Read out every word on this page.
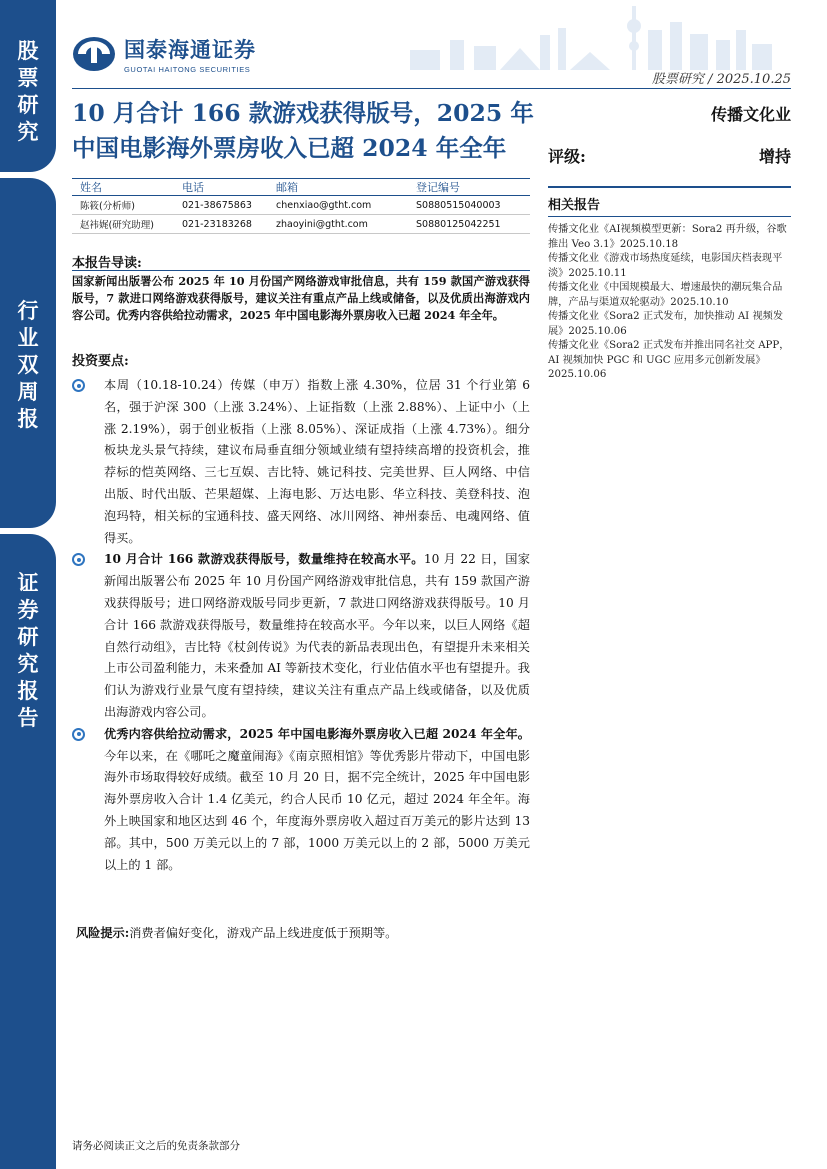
股票研究
行业双周报
证券研究报告
国泰海通证券
GUOTAI HAITONG SECURITIES
股票研究 / 2025.10.25
10 月合计 166 款游戏获得版号，2025 年
中国电影海外票房收入已超 2024 年全年
传播文化业
评级:	增持
姓名	电话	邮箱	登记编号
陈筱(分析师)	021-38675863	chenxiao@gtht.com	S0880515040003
赵祎娓(研究助理)	021-23183268	zhaoyini@gtht.com	S0880125042251
相关报告
传播文化业《AI视频模型更新：Sora2 再升级，谷歌推出 Veo 3.1》2025.10.18
传播文化业《游戏市场热度延续，电影国庆档表现平淡》2025.10.11
传播文化业《中国规模最大、增速最快的潮玩集合品牌，产品与渠道双轮驱动》2025.10.10
传播文化业《Sora2 正式发布，加快推动 AI 视频发展》2025.10.06
传播文化业《Sora2 正式发布并推出同名社交 APP，AI 视频加快 PGC 和 UGC 应用多元创新发展》2025.10.06
本报告导读:
国家新闻出版署公布 2025 年 10 月份国产网络游戏审批信息，共有 159 款国产游戏获得版号，7 款进口网络游戏获得版号，建议关注有重点产品上线或储备，以及优质出海游戏内容公司。优秀内容供给拉动需求，2025 年中国电影海外票房收入已超 2024 年全年。
投资要点:
本周（10.18-10.24）传媒（申万）指数上涨 4.30%，位居 31 个行业第 6 名，强于沪深 300（上涨 3.24%）、上证指数（上涨 2.88%）、上证中小（上涨 2.19%），弱于创业板指（上涨 8.05%）、深证成指（上涨 4.73%）。细分板块龙头景气持续，建议布局垂直细分领域业绩有望持续高增的投资机会，推荐标的恺英网络、三七互娱、吉比特、姚记科技、完美世界、巨人网络、中信出版、时代出版、芒果超媒、上海电影、万达电影、华立科技、美登科技、泡泡玛特，相关标的宝通科技、盛天网络、冰川网络、神州泰岳、电魂网络、值得买。
10 月合计 166 款游戏获得版号，数量维持在较高水平。10 月 22 日，国家新闻出版署公布 2025 年 10 月份国产网络游戏审批信息，共有 159 款国产游戏获得版号；进口网络游戏版号同步更新，7 款进口网络游戏获得版号。10 月合计 166 款游戏获得版号，数量维持在较高水平。今年以来，以巨人网络《超自然行动组》，吉比特《杖剑传说》为代表的新品表现出色，有望提升未来相关上市公司盈利能力，未来叠加 AI 等新技术变化，行业估值水平也有望提升。我们认为游戏行业景气度有望持续，建议关注有重点产品上线或储备，以及优质出海游戏内容公司。
优秀内容供给拉动需求，2025 年中国电影海外票房收入已超 2024 年全年。今年以来，在《哪吒之魔童闹海》《南京照相馆》等优秀影片带动下，中国电影海外市场取得较好成绩。截至 10 月 20 日，据不完全统计，2025 年中国电影海外票房收入合计 1.4 亿美元，约合人民币 10 亿元，超过 2024 年全年。海外上映国家和地区达到 46 个，年度海外票房收入超过百万美元的影片达到 13 部。其中，500 万美元以上的 7 部，1000 万美元以上的 2 部，5000 万美元以上的 1 部。
风险提示:消费者偏好变化，游戏产品上线进度低于预期等。
请务必阅读正文之后的免责条款部分
